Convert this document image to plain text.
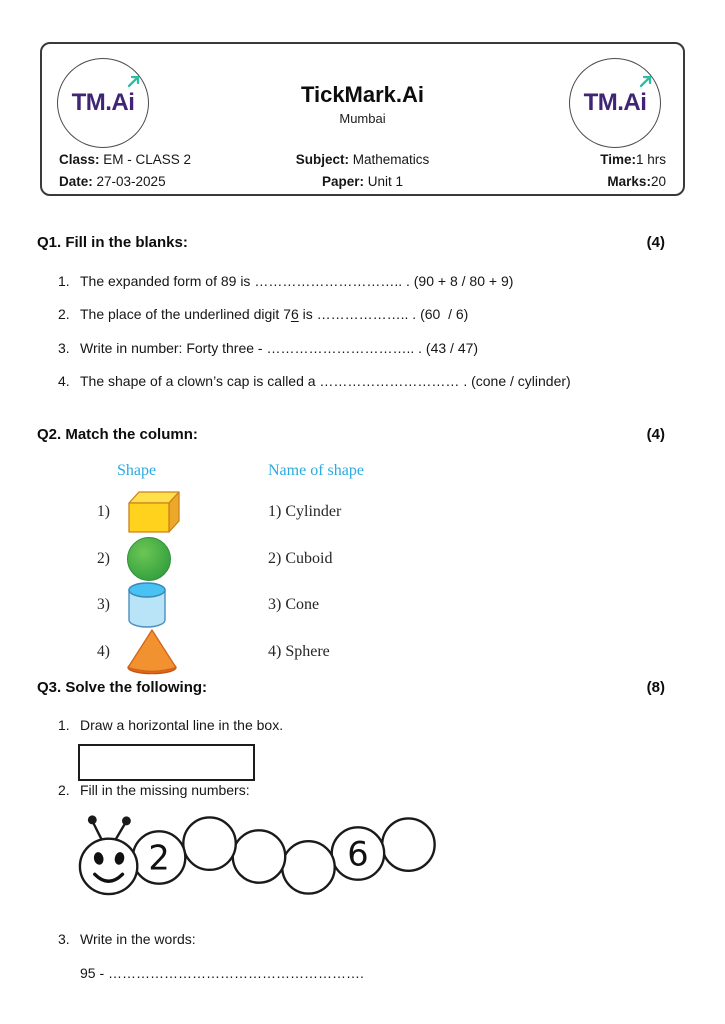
TM.Ai	TickMark.Ai
Mumbai
TM.Ai
Class: EM - CLASS 2	Subject: Mathematics	Time:1 hrs
Date: 27-03-2025	Paper: Unit 1	Marks:20
Q1. Fill in the blanks:	(4)
1. The expanded form of 89 is ………………………….. . (90 + 8 / 80 + 9)
2. The place of the underlined digit 76 is ……………….. . (60  / 6)
3. Write in number: Forty three - ………………………….. . (43 / 47)
4. The shape of a clown’s cap is called a ………………………… . (cone / cylinder)
Q2. Match the column:	(4)
Shape	Name of shape
1)	1) Cylinder
2)	2) Cuboid
3)	3) Cone
4)	4) Sphere
Q3. Solve the following:	(8)
1. Draw a horizontal line in the box.
2. Fill in the missing numbers:
2	6
3. Write in the words:
95 - ……………………………………………….
